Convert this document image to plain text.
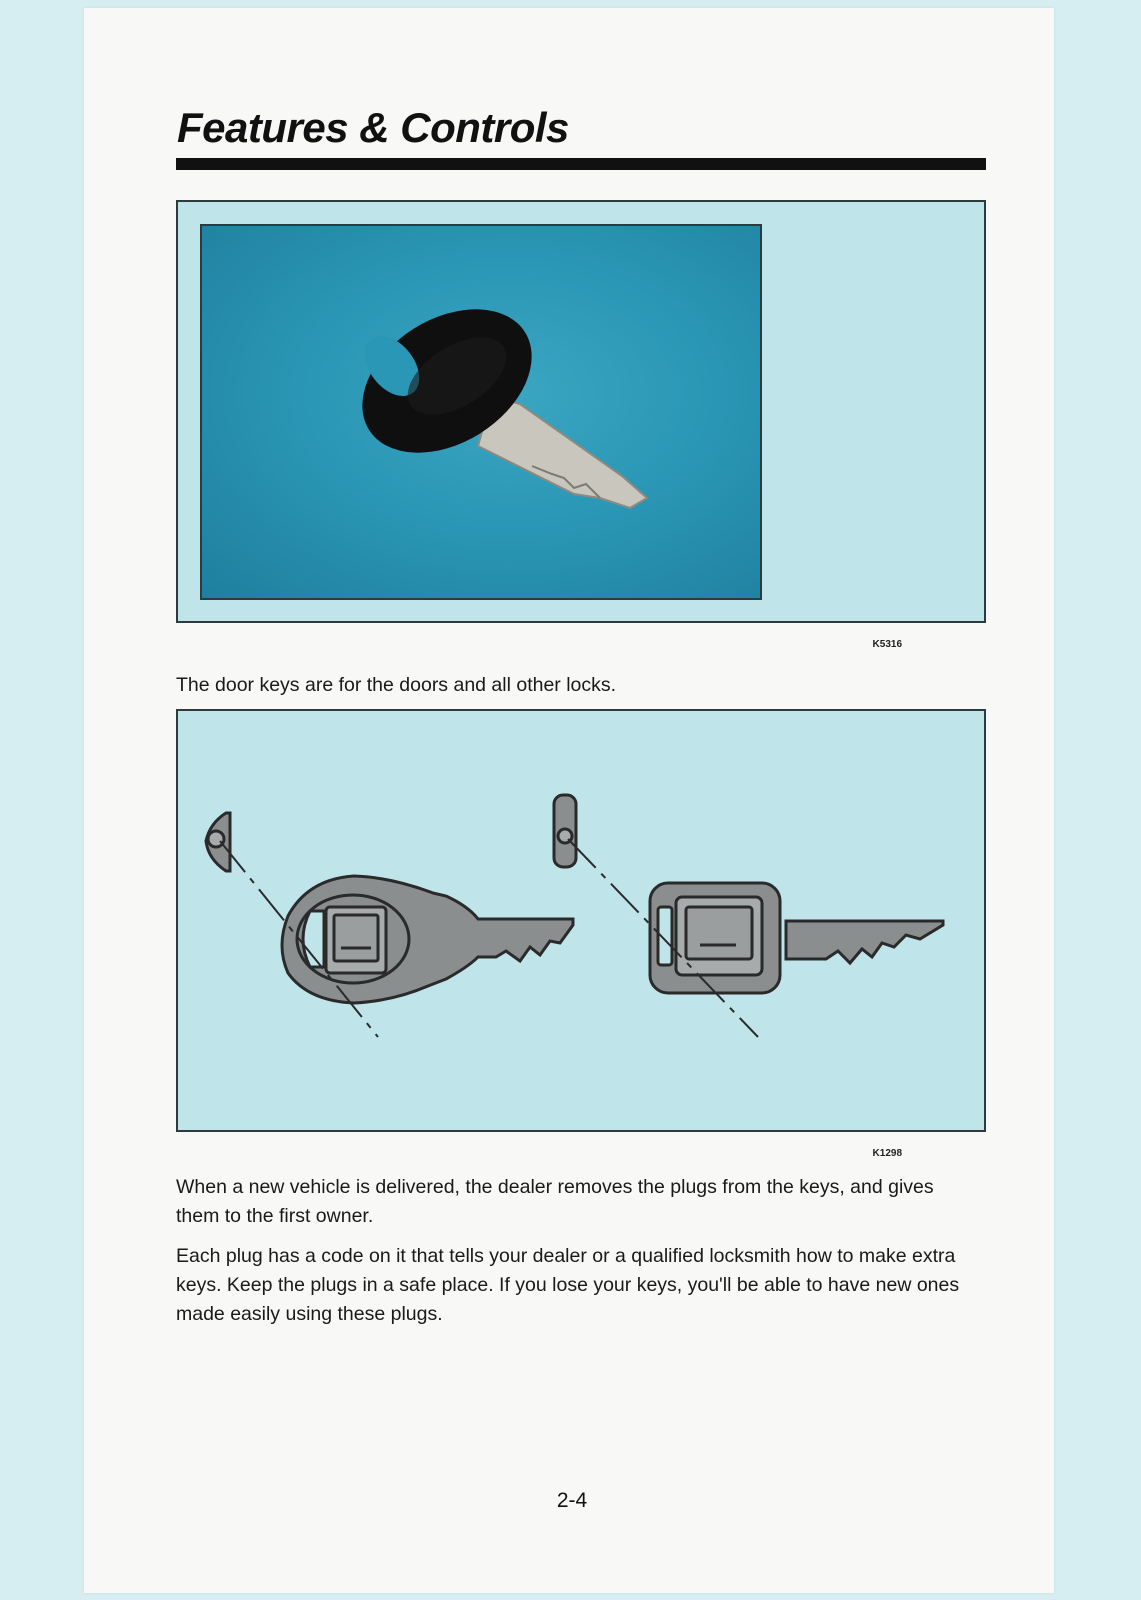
Features & Controls
K5316

The door keys are for the doors and all other locks.

K1298

When a new vehicle is delivered, the dealer removes the plugs from the keys, and gives them to the first owner.

Each plug has a code on it that tells your dealer or a qualified locksmith how to make extra keys. Keep the plugs in a safe place. If you lose your keys, you'll be able to have new ones made easily using these plugs.

2-4
